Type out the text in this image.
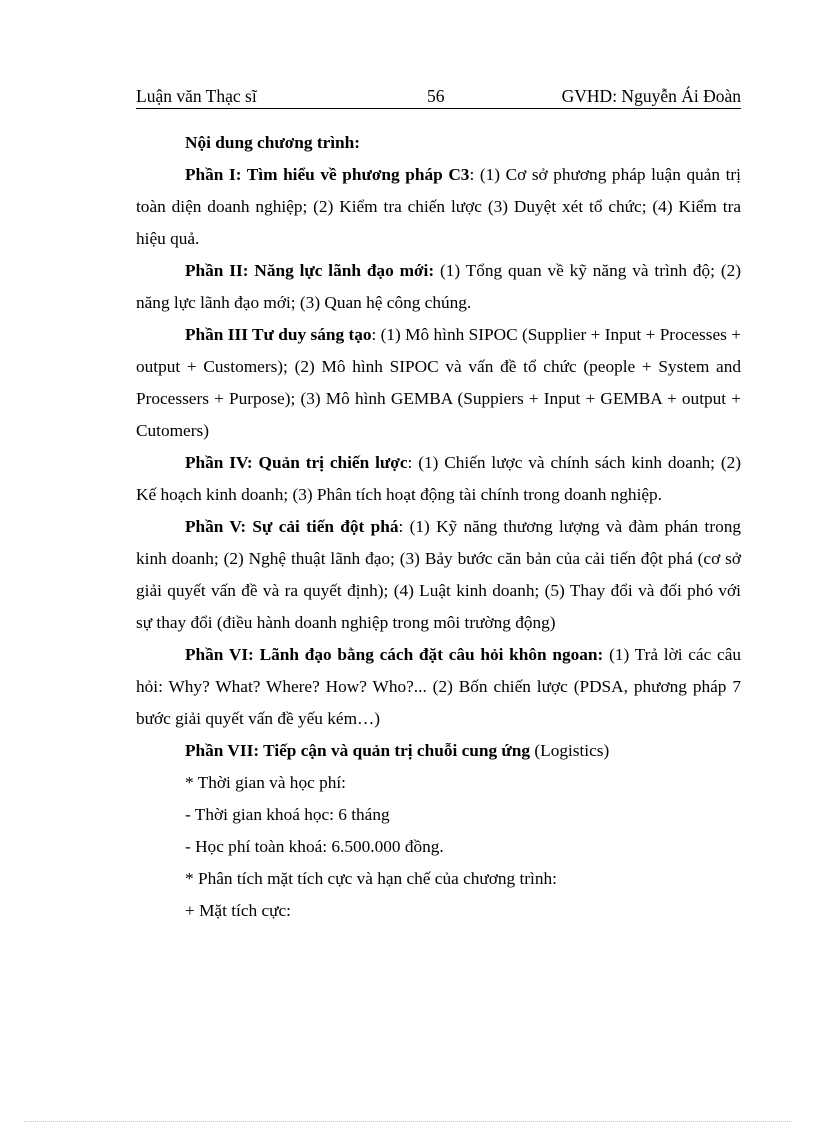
Luận văn Thạc sĩ	56	GVHD: Nguyễn Ái Đoàn

Nội dung chương trình:

Phần I: Tìm hiểu về phương pháp C3: (1) Cơ sở phương pháp luận quản trị toàn diện doanh nghiệp; (2) Kiểm tra chiến lược (3) Duyệt xét tổ chức; (4) Kiểm tra hiệu quả.

Phần II: Năng lực lãnh đạo mới: (1) Tổng quan về kỹ năng và trình độ; (2) năng lực lãnh đạo mới; (3) Quan hệ công chúng.

Phần III Tư duy sáng tạo: (1) Mô hình SIPOC (Supplier + Input + Processes + output + Customers); (2) Mô hình SIPOC và vấn đề tổ chức (people + System and Processers + Purpose); (3) Mô hình GEMBA (Suppiers + Input + GEMBA + output + Cutomers)

Phần IV: Quản trị chiến lược: (1) Chiến lược và chính sách kinh doanh; (2) Kế hoạch kinh doanh; (3) Phân tích hoạt động tài chính trong doanh nghiệp.

Phần V: Sự cải tiến đột phá: (1) Kỹ năng thương lượng và đàm phán trong kinh doanh; (2) Nghệ thuật lãnh đạo; (3) Bảy bước căn bản của cải tiến đột phá (cơ sở giải quyết vấn đề và ra quyết định); (4) Luật kinh doanh; (5) Thay đổi và đối phó với sự thay đổi (điều hành doanh nghiệp trong môi trường động)

Phần VI: Lãnh đạo bằng cách đặt câu hỏi khôn ngoan: (1) Trả lời các câu hỏi: Why? What? Where? How? Who?... (2) Bốn chiến lược (PDSA, phương pháp 7 bước giải quyết vấn đề yếu kém…)

Phần VII: Tiếp cận và quản trị chuỗi cung ứng (Logistics)

* Thời gian và học phí:

- Thời gian khoá học: 6 tháng

- Học phí toàn khoá: 6.500.000 đồng.

* Phân tích mặt tích cực và hạn chế của chương trình:

+ Mặt tích cực:
